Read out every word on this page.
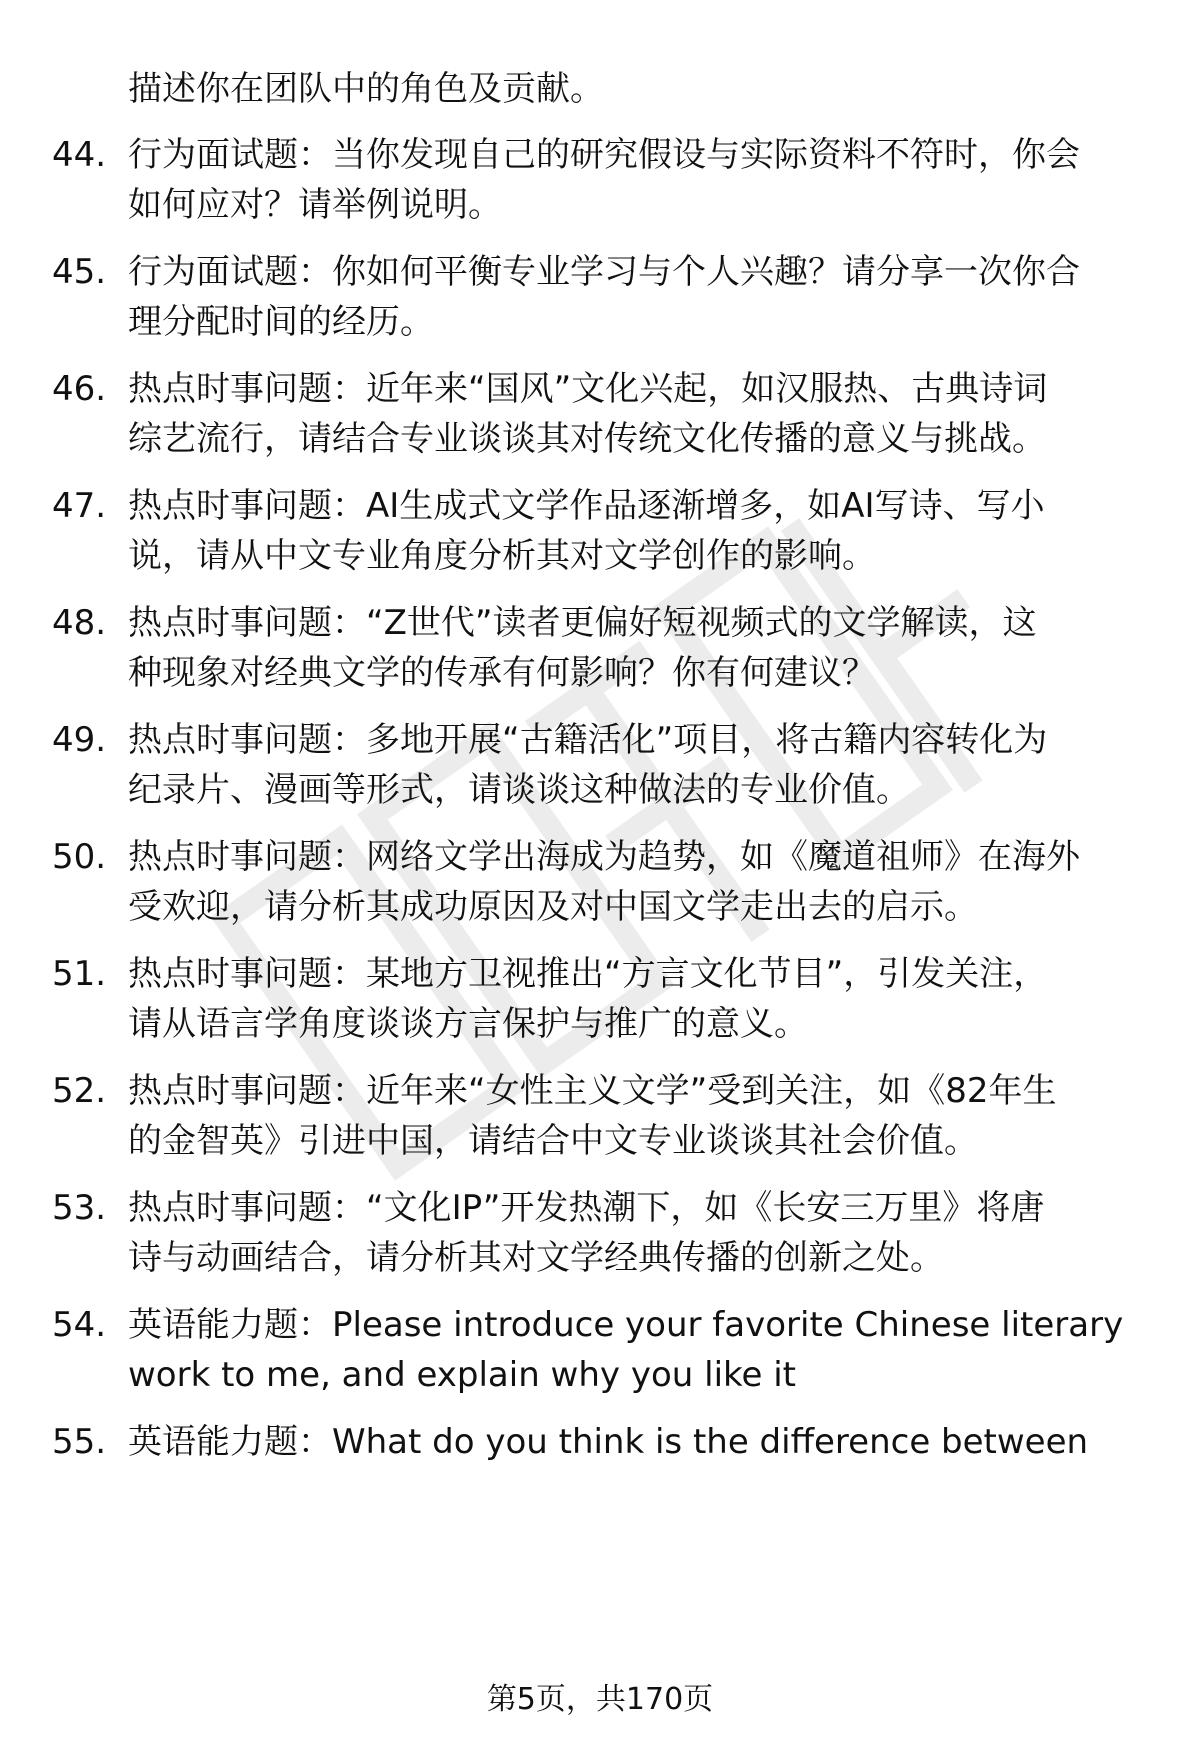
描述你在团队中的角色及贡献。
44. 行为面试题：当你发现自己的研究假设与实际资料不符时，你会
如何应对？请举例说明。
45. 行为面试题：你如何平衡专业学习与个人兴趣？请分享一次你合
理分配时间的经历。
46. 热点时事问题：近年来“国风”文化兴起，如汉服热、古典诗词
综艺流行，请结合专业谈谈其对传统文化传播的意义与挑战。
47. 热点时事问题：AI生成式文学作品逐渐增多，如AI写诗、写小
说，请从中文专业角度分析其对文学创作的影响。
48. 热点时事问题：“Z世代”读者更偏好短视频式的文学解读，这
种现象对经典文学的传承有何影响？你有何建议？
49. 热点时事问题：多地开展“古籍活化”项目，将古籍内容转化为
纪录片、漫画等形式，请谈谈这种做法的专业价值。
50. 热点时事问题：网络文学出海成为趋势，如《魔道祖师》在海外
受欢迎，请分析其成功原因及对中国文学走出去的启示。
51. 热点时事问题：某地方卫视推出“方言文化节目”，引发关注，
请从语言学角度谈谈方言保护与推广的意义。
52. 热点时事问题：近年来“女性主义文学”受到关注，如《82年生
的金智英》引进中国，请结合中文专业谈谈其社会价值。
53. 热点时事问题：“文化IP”开发热潮下，如《长安三万里》将唐
诗与动画结合，请分析其对文学经典传播的创新之处。
54. 英语能力题：Please introduce your favorite Chinese literary
work to me, and explain why you like it
55. 英语能力题：What do you think is the difference between
第5页，共170页
